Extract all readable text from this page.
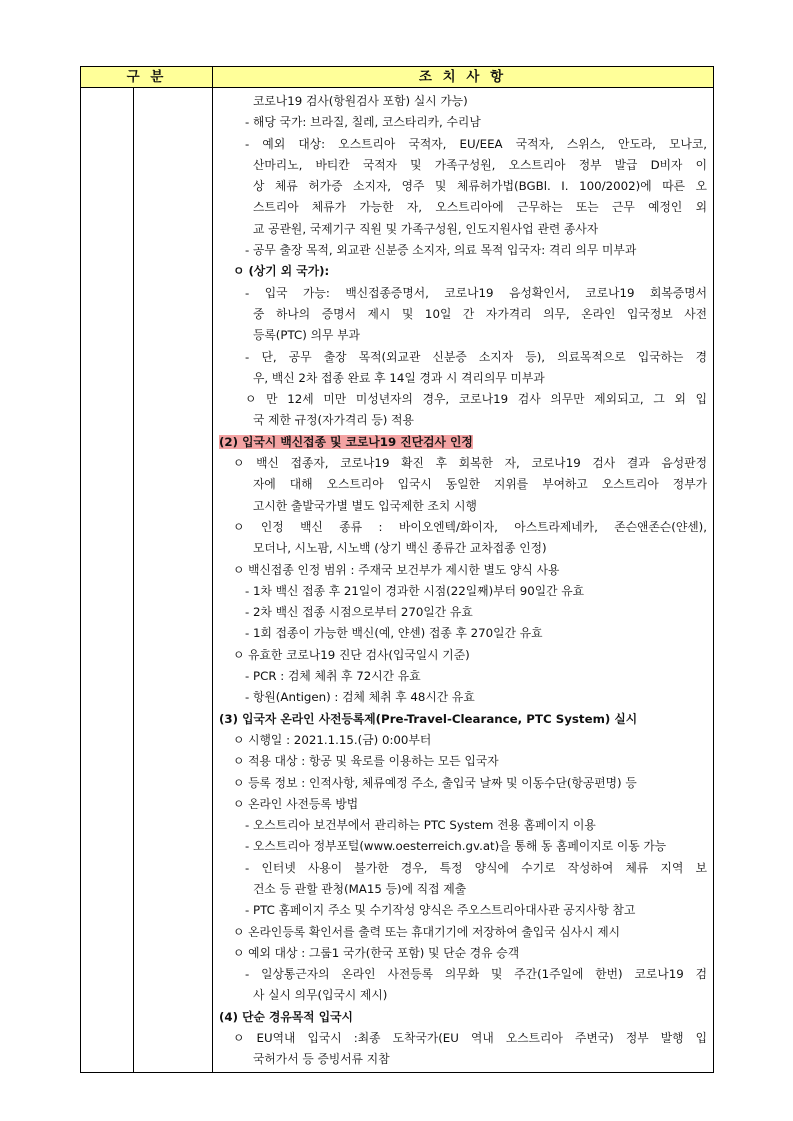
구 분	조 치 사 항
코로나19 검사(항원검사 포함) 실시 가능)
- 해당 국가: 브라질, 칠레, 코스타리카, 수리남
- 예외 대상: 오스트리아 국적자, EU/EEA 국적자, 스위스, 안도라, 모나코,
산마리노, 바티칸 국적자 및 가족구성원, 오스트리아 정부 발급 D비자 이
상 체류 허가증 소지자, 영주 및 체류허가법(BGBl. I. 100/2002)에 따른 오
스트리아 체류가 가능한 자, 오스트리아에 근무하는 또는 근무 예정인 외
교 공관원, 국제기구 직원 및 가족구성원, 인도지원사업 관련 종사자
- 공무 출장 목적, 외교관 신분증 소지자, 의료 목적 입국자: 격리 의무 미부과
ㅇ (상기 외 국가):
- 입국 가능: 백신접종증명서, 코로나19 음성확인서, 코로나19 회복증명서
중 하나의 증명서 제시 및 10일 간 자가격리 의무, 온라인 입국정보 사전
등록(PTC) 의무 부과
- 단, 공무 출장 목적(외교관 신분증 소지자 등), 의료목적으로 입국하는 경
우, 백신 2차 접종 완료 후 14일 경과 시 격리의무 미부과
ㅇ 만 12세 미만 미성년자의 경우, 코로나19 검사 의무만 제외되고, 그 외 입
국 제한 규정(자가격리 등) 적용
(2) 입국시 백신접종 및 코로나19 진단검사 인정
ㅇ 백신 접종자, 코로나19 확진 후 회복한 자, 코로나19 검사 결과 음성판정
자에 대해 오스트리아 입국시 동일한 지위를 부여하고 오스트리아 정부가
고시한 출발국가별 별도 입국제한 조치 시행
ㅇ 인정 백신 종류 : 바이오엔텍/화이자, 아스트라제네카, 존슨앤존슨(얀센),
모더나, 시노팜, 시노백 (상기 백신 종류간 교차접종 인정)
ㅇ 백신접종 인정 범위 : 주재국 보건부가 제시한 별도 양식 사용
- 1차 백신 접종 후 21일이 경과한 시점(22일째)부터 90일간 유효
- 2차 백신 접종 시점으로부터 270일간 유효
- 1회 접종이 가능한 백신(예, 얀센) 접종 후 270일간 유효
ㅇ 유효한 코로나19 진단 검사(입국일시 기준)
- PCR : 검체 체취 후 72시간 유효
- 항원(Antigen) : 검체 체취 후 48시간 유효
(3) 입국자 온라인 사전등록제(Pre-Travel-Clearance, PTC System) 실시
ㅇ 시행일 : 2021.1.15.(금) 0:00부터
ㅇ 적용 대상 : 항공 및 육로를 이용하는 모든 입국자
ㅇ 등록 정보 : 인적사항, 체류예정 주소, 출입국 날짜 및 이동수단(항공편명) 등
ㅇ 온라인 사전등록 방법
- 오스트리아 보건부에서 관리하는 PTC System 전용 홈페이지 이용
- 오스트리아 정부포털(www.oesterreich.gv.at)을 통해 동 홈페이지로 이동 가능
- 인터넷 사용이 불가한 경우, 특정 양식에 수기로 작성하여 체류 지역 보
건소 등 관할 관청(MA15 등)에 직접 제출
- PTC 홈페이지 주소 및 수기작성 양식은 주오스트리아대사관 공지사항 참고
ㅇ 온라인등록 확인서를 출력 또는 휴대기기에 저장하여 출입국 심사시 제시
ㅇ 예외 대상 : 그룹1 국가(한국 포함) 및 단순 경유 승객
- 일상통근자의 온라인 사전등록 의무화 및 주간(1주일에 한번) 코로나19 검
사 실시 의무(입국시 제시)
(4) 단순 경유목적 입국시
ㅇ EU역내 입국시 :최종 도착국가(EU 역내 오스트리아 주변국) 정부 발행 입
국허가서 등 증빙서류 지참
